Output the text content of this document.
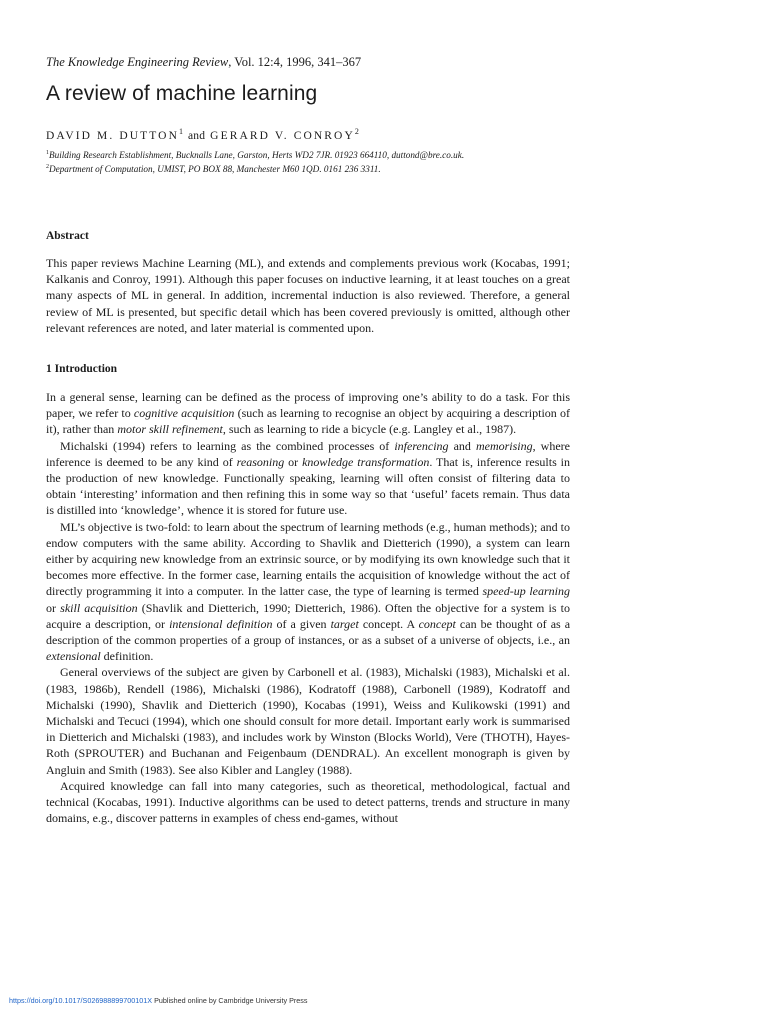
The Knowledge Engineering Review, Vol. 12:4, 1996, 341–367
A review of machine learning
DAVID M. DUTTON$^1$ and GERARD V. CONROY$^2$
$^1$Building Research Establishment, Bucknalls Lane, Garston, Herts WD2 7JR. 01923 664110, duttond@bre.co.uk.
$^2$Department of Computation, UMIST, PO BOX 88, Manchester M60 1QD. 0161 236 3311.
Abstract

This paper reviews Machine Learning (ML), and extends and complements previous work (Kocabas, 1991; Kalkanis and Conroy, 1991). Although this paper focuses on inductive learning, it at least touches on a great many aspects of ML in general. In addition, incremental induction is also reviewed. Therefore, a general review of ML is presented, but specific detail which has been covered previously is omitted, although other relevant references are noted, and later material is commented upon.

1 Introduction

In a general sense, learning can be defined as the process of improving one’s ability to do a task. For this paper, we refer to cognitive acquisition (such as learning to recognise an object by acquiring a description of it), rather than motor skill refinement, such as learning to ride a bicycle (e.g. Langley et al., 1987).

Michalski (1994) refers to learning as the combined processes of inferencing and memorising, where inference is deemed to be any kind of reasoning or knowledge transformation. That is, inference results in the production of new knowledge. Functionally speaking, learning will often consist of filtering data to obtain ‘interesting’ information and then refining this in some way so that ‘useful’ facets remain. Thus data is distilled into ‘knowledge’, whence it is stored for future use.

ML’s objective is two-fold: to learn about the spectrum of learning methods (e.g., human methods); and to endow computers with the same ability. According to Shavlik and Dietterich (1990), a system can learn either by acquiring new knowledge from an extrinsic source, or by modifying its own knowledge such that it becomes more effective. In the former case, learning entails the acquisition of knowledge without the act of directly programming it into a computer. In the latter case, the type of learning is termed speed-up learning or skill acquisition (Shavlik and Dietterich, 1990; Dietterich, 1986). Often the objective for a system is to acquire a description, or intensional definition of a given target concept. A concept can be thought of as a description of the common properties of a group of instances, or as a subset of a universe of objects, i.e., an extensional definition.

General overviews of the subject are given by Carbonell et al. (1983), Michalski (1983), Michalski et al. (1983, 1986b), Rendell (1986), Michalski (1986), Kodratoff (1988), Carbonell (1989), Kodratoff and Michalski (1990), Shavlik and Dietterich (1990), Kocabas (1991), Weiss and Kulikowski (1991) and Michalski and Tecuci (1994), which one should consult for more detail. Important early work is summarised in Dietterich and Michalski (1983), and includes work by Winston (Blocks World), Vere (THOTH), Hayes-Roth (SPROUTER) and Buchanan and Feigenbaum (DENDRAL). An excellent monograph is given by Angluin and Smith (1983). See also Kibler and Langley (1988).

Acquired knowledge can fall into many categories, such as theoretical, methodological, factual and technical (Kocabas, 1991). Inductive algorithms can be used to detect patterns, trends and structure in many domains, e.g., discover patterns in examples of chess end-games, without

https://doi.org/10.1017/S026988899700101X Published online by Cambridge University Press
